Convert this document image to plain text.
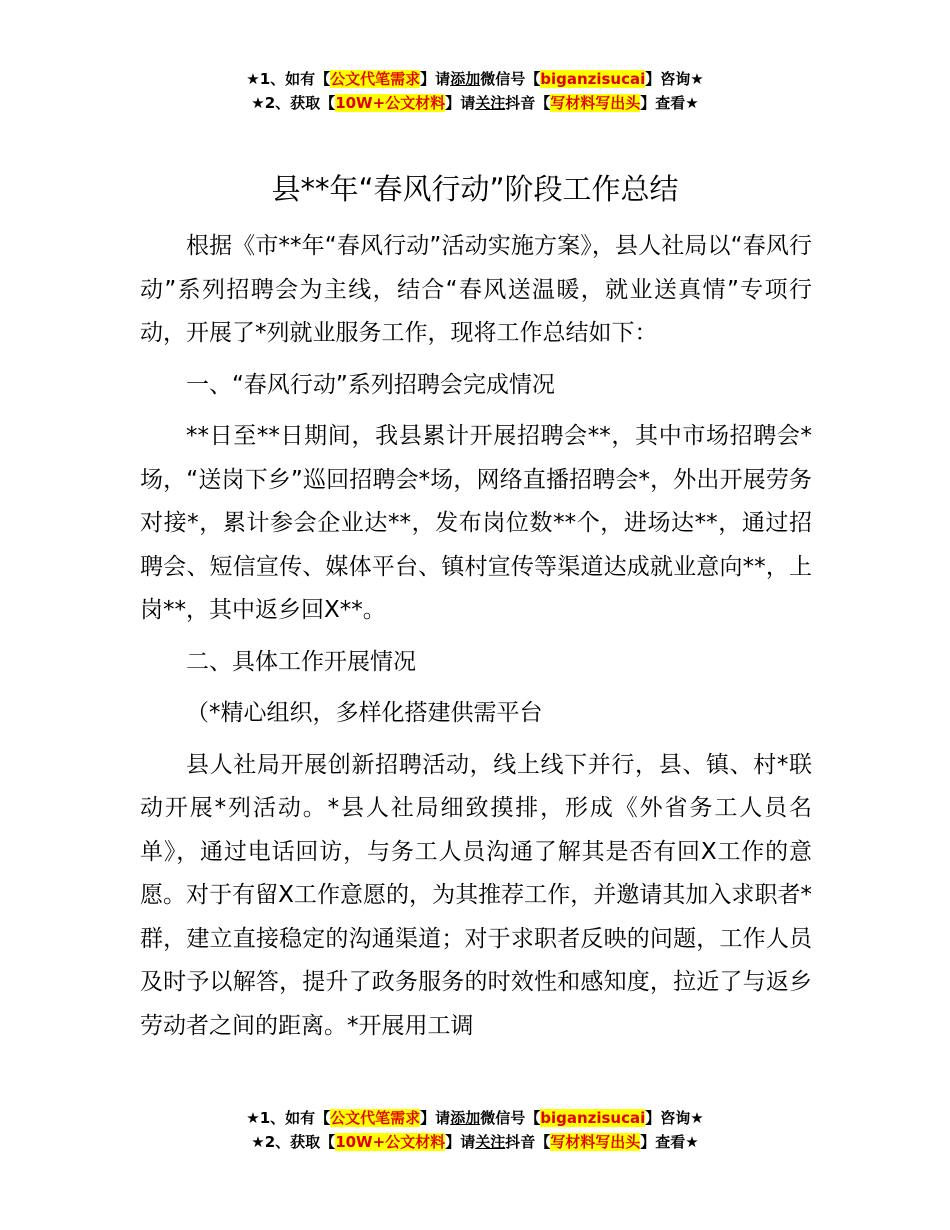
★1、如有【公文代笔需求】请添加微信号【biganzisucai】咨询★
★2、获取【10W+公文材料】请关注抖音【写材料写出头】查看★
县**年“春风行动”阶段工作总结

根据《市**年“春风行动”活动实施方案》，县人社局以“春风行动”系列招聘会为主线，结合“春风送温暖，就业送真情”专项行动，开展了*列就业服务工作，现将工作总结如下：

一、“春风行动”系列招聘会完成情况

**日至**日期间，我县累计开展招聘会**，其中市场招聘会*场，“送岗下乡”巡回招聘会*场，网络直播招聘会*，外出开展劳务对接*，累计参会企业达**，发布岗位数**个，进场达**，通过招聘会、短信宣传、媒体平台、镇村宣传等渠道达成就业意向**，上岗**，其中返乡回X**。

二、具体工作开展情况

（*精心组织，多样化搭建供需平台

县人社局开展创新招聘活动，线上线下并行，县、镇、村*联动开展*列活动。*县人社局细致摸排，形成《外省务工人员名单》，通过电话回访，与务工人员沟通了解其是否有回X工作的意愿。对于有留X工作意愿的，为其推荐工作，并邀请其加入求职者*群，建立直接稳定的沟通渠道；对于求职者反映的问题，工作人员及时予以解答，提升了政务服务的时效性和感知度，拉近了与返乡劳动者之间的距离。*开展用工调

★1、如有【公文代笔需求】请添加微信号【biganzisucai】咨询★
★2、获取【10W+公文材料】请关注抖音【写材料写出头】查看★
